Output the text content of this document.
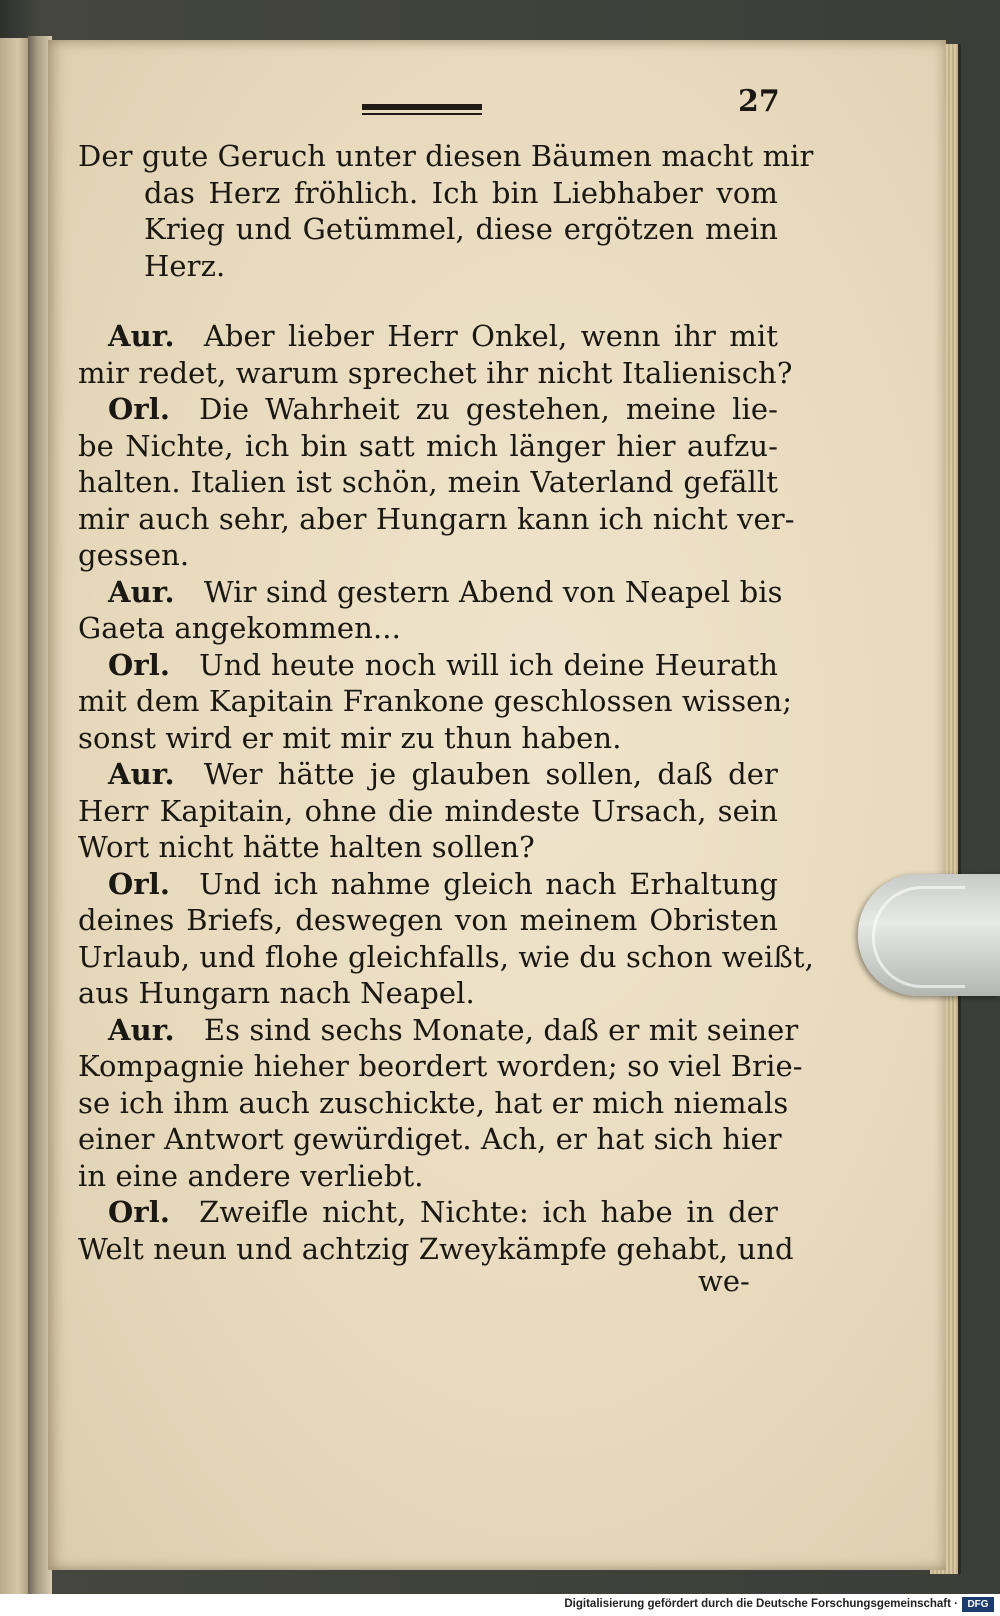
27
Der gute Geruch unter diesen Bäumen macht mir
das Herz fröhlich. Ich bin Liebhaber vom
Krieg und Getümmel, diese ergötzen mein
Herz.
Aur.  Aber lieber Herr Onkel, wenn ihr mit
mir redet, warum sprechet ihr nicht Italienisch?
Orl.  Die Wahrheit zu gestehen, meine lie-
be Nichte, ich bin satt mich länger hier aufzu-
halten. Italien ist schön, mein Vaterland gefällt
mir auch sehr, aber Hungarn kann ich nicht ver-
gessen.
Aur.  Wir sind gestern Abend von Neapel bis
Gaeta angekommen...
Orl.  Und heute noch will ich deine Heurath
mit dem Kapitain Frankone geschlossen wissen;
sonst wird er mit mir zu thun haben.
Aur.  Wer hätte je glauben sollen, daß der
Herr Kapitain, ohne die mindeste Ursach, sein
Wort nicht hätte halten sollen?
Orl.  Und ich nahme gleich nach Erhaltung
deines Briefs, deswegen von meinem Obristen
Urlaub, und flohe gleichfalls, wie du schon weißt,
aus Hungarn nach Neapel.
Aur.  Es sind sechs Monate, daß er mit seiner
Kompagnie hieher beordert worden; so viel Brie-
se ich ihm auch zuschickte, hat er mich niemals
einer Antwort gewürdiget. Ach, er hat sich hier
in eine andere verliebt.
Orl.  Zweifle nicht, Nichte: ich habe in der
Welt neun und achtzig Zweykämpfe gehabt, und
we-
Digitalisierung gefördert durch die Deutsche Forschungsgemeinschaft · DFG
